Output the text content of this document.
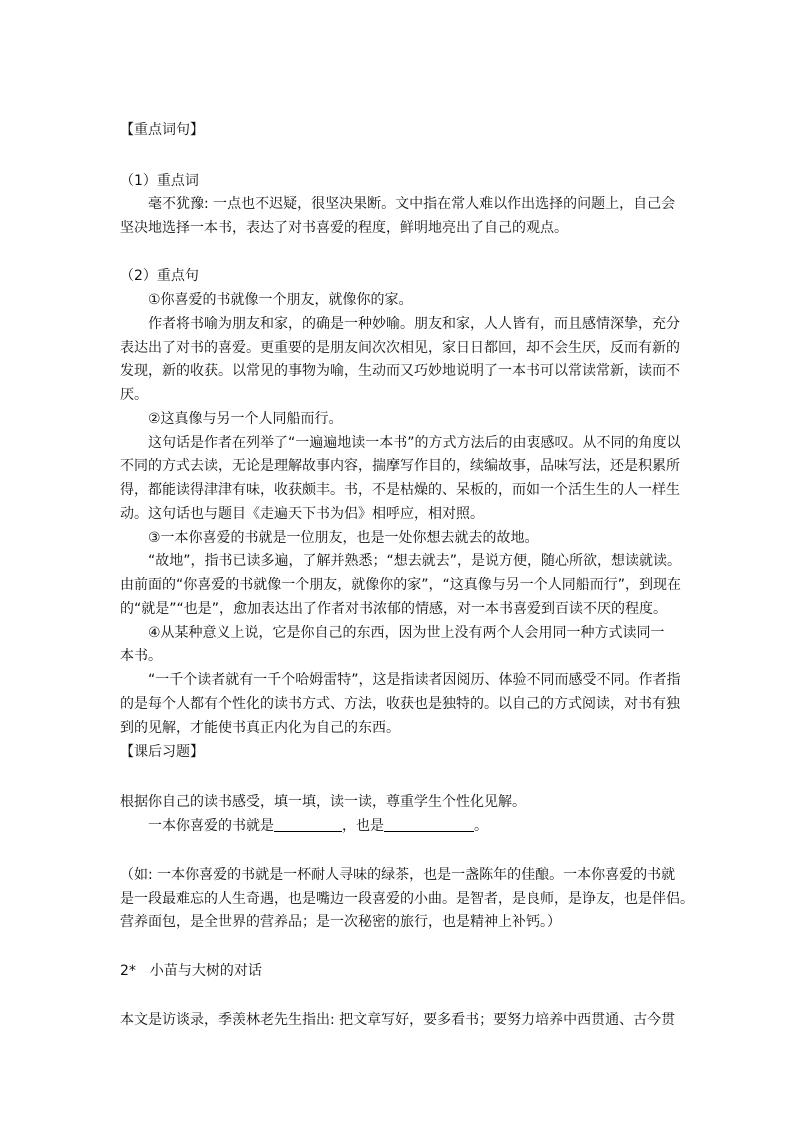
【重点词句】
（1）重点词
毫不犹豫: 一点也不迟疑，很坚决果断。文中指在常人难以作出选择的问题上，自己会
坚决地选择一本书，表达了对书喜爱的程度，鲜明地亮出了自己的观点。
（2）重点句
①你喜爱的书就像一个朋友，就像你的家。
作者将书喻为朋友和家，的确是一种妙喻。朋友和家，人人皆有，而且感情深挚，充分
表达出了对书的喜爱。更重要的是朋友间次次相见，家日日都回，却不会生厌，反而有新的
发现，新的收获。以常见的事物为喻，生动而又巧妙地说明了一本书可以常读常新，读而不
厌。
②这真像与另一个人同船而行。
这句话是作者在列举了“一遍遍地读一本书”的方式方法后的由衷感叹。从不同的角度以
不同的方式去读，无论是理解故事内容，揣摩写作目的，续编故事，品味写法，还是积累所
得，都能读得津津有味，收获颇丰。书，不是枯燥的、呆板的，而如一个活生生的人一样生
动。这句话也与题目《走遍天下书为侣》相呼应，相对照。
③一本你喜爱的书就是一位朋友，也是一处你想去就去的故地。
“故地”，指书已读多遍，了解并熟悉；“想去就去”，是说方便，随心所欲，想读就读。
由前面的“你喜爱的书就像一个朋友，就像你的家”，“这真像与另一个人同船而行”，到现在
的“就是”“也是”，愈加表达出了作者对书浓郁的情感，对一本书喜爱到百读不厌的程度。
④从某种意义上说，它是你自己的东西，因为世上没有两个人会用同一种方式读同一
本书。
“一千个读者就有一千个哈姆雷特”，这是指读者因阅历、体验不同而感受不同。作者指
的是每个人都有个性化的读书方式、方法，收获也是独特的。以自己的方式阅读，对书有独
到的见解，才能使书真正内化为自己的东西。
【课后习题】
根据你自己的读书感受，填一填，读一读，尊重学生个性化见解。
一本你喜爱的书就是	，也是	。
（如: 一本你喜爱的书就是一杯耐人寻味的绿茶，也是一盏陈年的佳酿。一本你喜爱的书就
是一段最难忘的人生奇遇，也是嘴边一段喜爱的小曲。是智者，是良师，是诤友，也是伴侣。
营养面包，是全世界的营养品；是一次秘密的旅行，也是精神上补钙。）
2*　小苗与大树的对话
本文是访谈录，季羡林老先生指出: 把文章写好，要多看书；要努力培养中西贯通、古今贯
